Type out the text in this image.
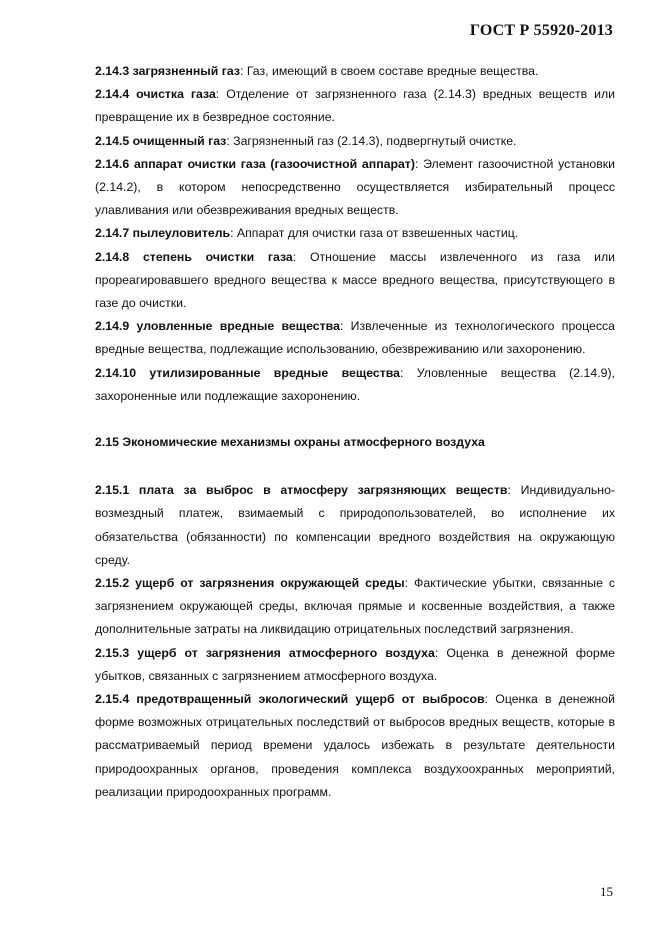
ГОСТ Р 55920-2013

2.14.3 загрязненный газ: Газ, имеющий в своем составе вредные вещества.

2.14.4 очистка газа: Отделение от загрязненного газа (2.14.3) вредных веществ или превращение их в безвредное состояние.

2.14.5 очищенный газ: Загрязненный газ (2.14.3), подвергнутый очистке.

2.14.6 аппарат очистки газа (газоочистной аппарат): Элемент газоочистной установки (2.14.2), в котором непосредственно осуществляется избирательный процесс улавливания или обезвреживания вредных веществ.

2.14.7 пылеуловитель: Аппарат для очистки газа от взвешенных частиц.

2.14.8 степень очистки газа: Отношение массы извлеченного из газа или прореагировавшего вредного вещества к массе вредного вещества, присутствующего в газе до очистки.

2.14.9 уловленные вредные вещества: Извлеченные из технологического процесса вредные вещества, подлежащие использованию, обезвреживанию или захоронению.

2.14.10 утилизированные вредные вещества: Уловленные вещества (2.14.9), захороненные или подлежащие захоронению.

2.15 Экономические механизмы охраны атмосферного воздуха

2.15.1 плата за выброс в атмосферу загрязняющих веществ: Индивидуально-возмездный платеж, взимаемый с природопользователей, во исполнение их обязательства (обязанности) по компенсации вредного воздействия на окружающую среду.

2.15.2 ущерб от загрязнения окружающей среды: Фактические убытки, связанные с загрязнением окружающей среды, включая прямые и косвенные воздействия, а также дополнительные затраты на ликвидацию отрицательных последствий загрязнения.

2.15.3 ущерб от загрязнения атмосферного воздуха: Оценка в денежной форме убытков, связанных с загрязнением атмосферного воздуха.

2.15.4 предотвращенный экологический ущерб от выбросов: Оценка в денежной форме возможных отрицательных последствий от выбросов вредных веществ, которые в рассматриваемый период времени удалось избежать в результате деятельности природоохранных органов, проведения комплекса воздухоохранных мероприятий, реализации природоохранных программ.

15
